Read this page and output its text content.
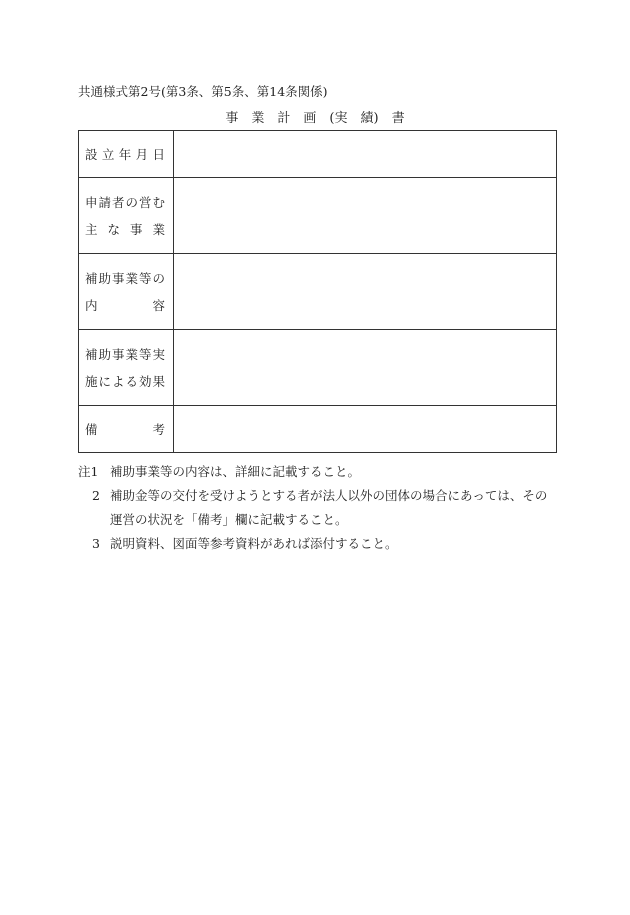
共通様式第2号(第3条、第5条、第14条関係)
事　業　計　画　(実　績)　書
設立年月日	

申請者の営む
主 な 事 業	

補助事業等の
内容	

補助事業等実
施による効果	

備考	

注1 補助事業等の内容は、詳細に記載すること。
2 補助金等の交付を受けようとする者が法人以外の団体の場合にあっては、その運営の状況を「備考」欄に記載すること。
3 説明資料、図面等参考資料があれば添付すること。
